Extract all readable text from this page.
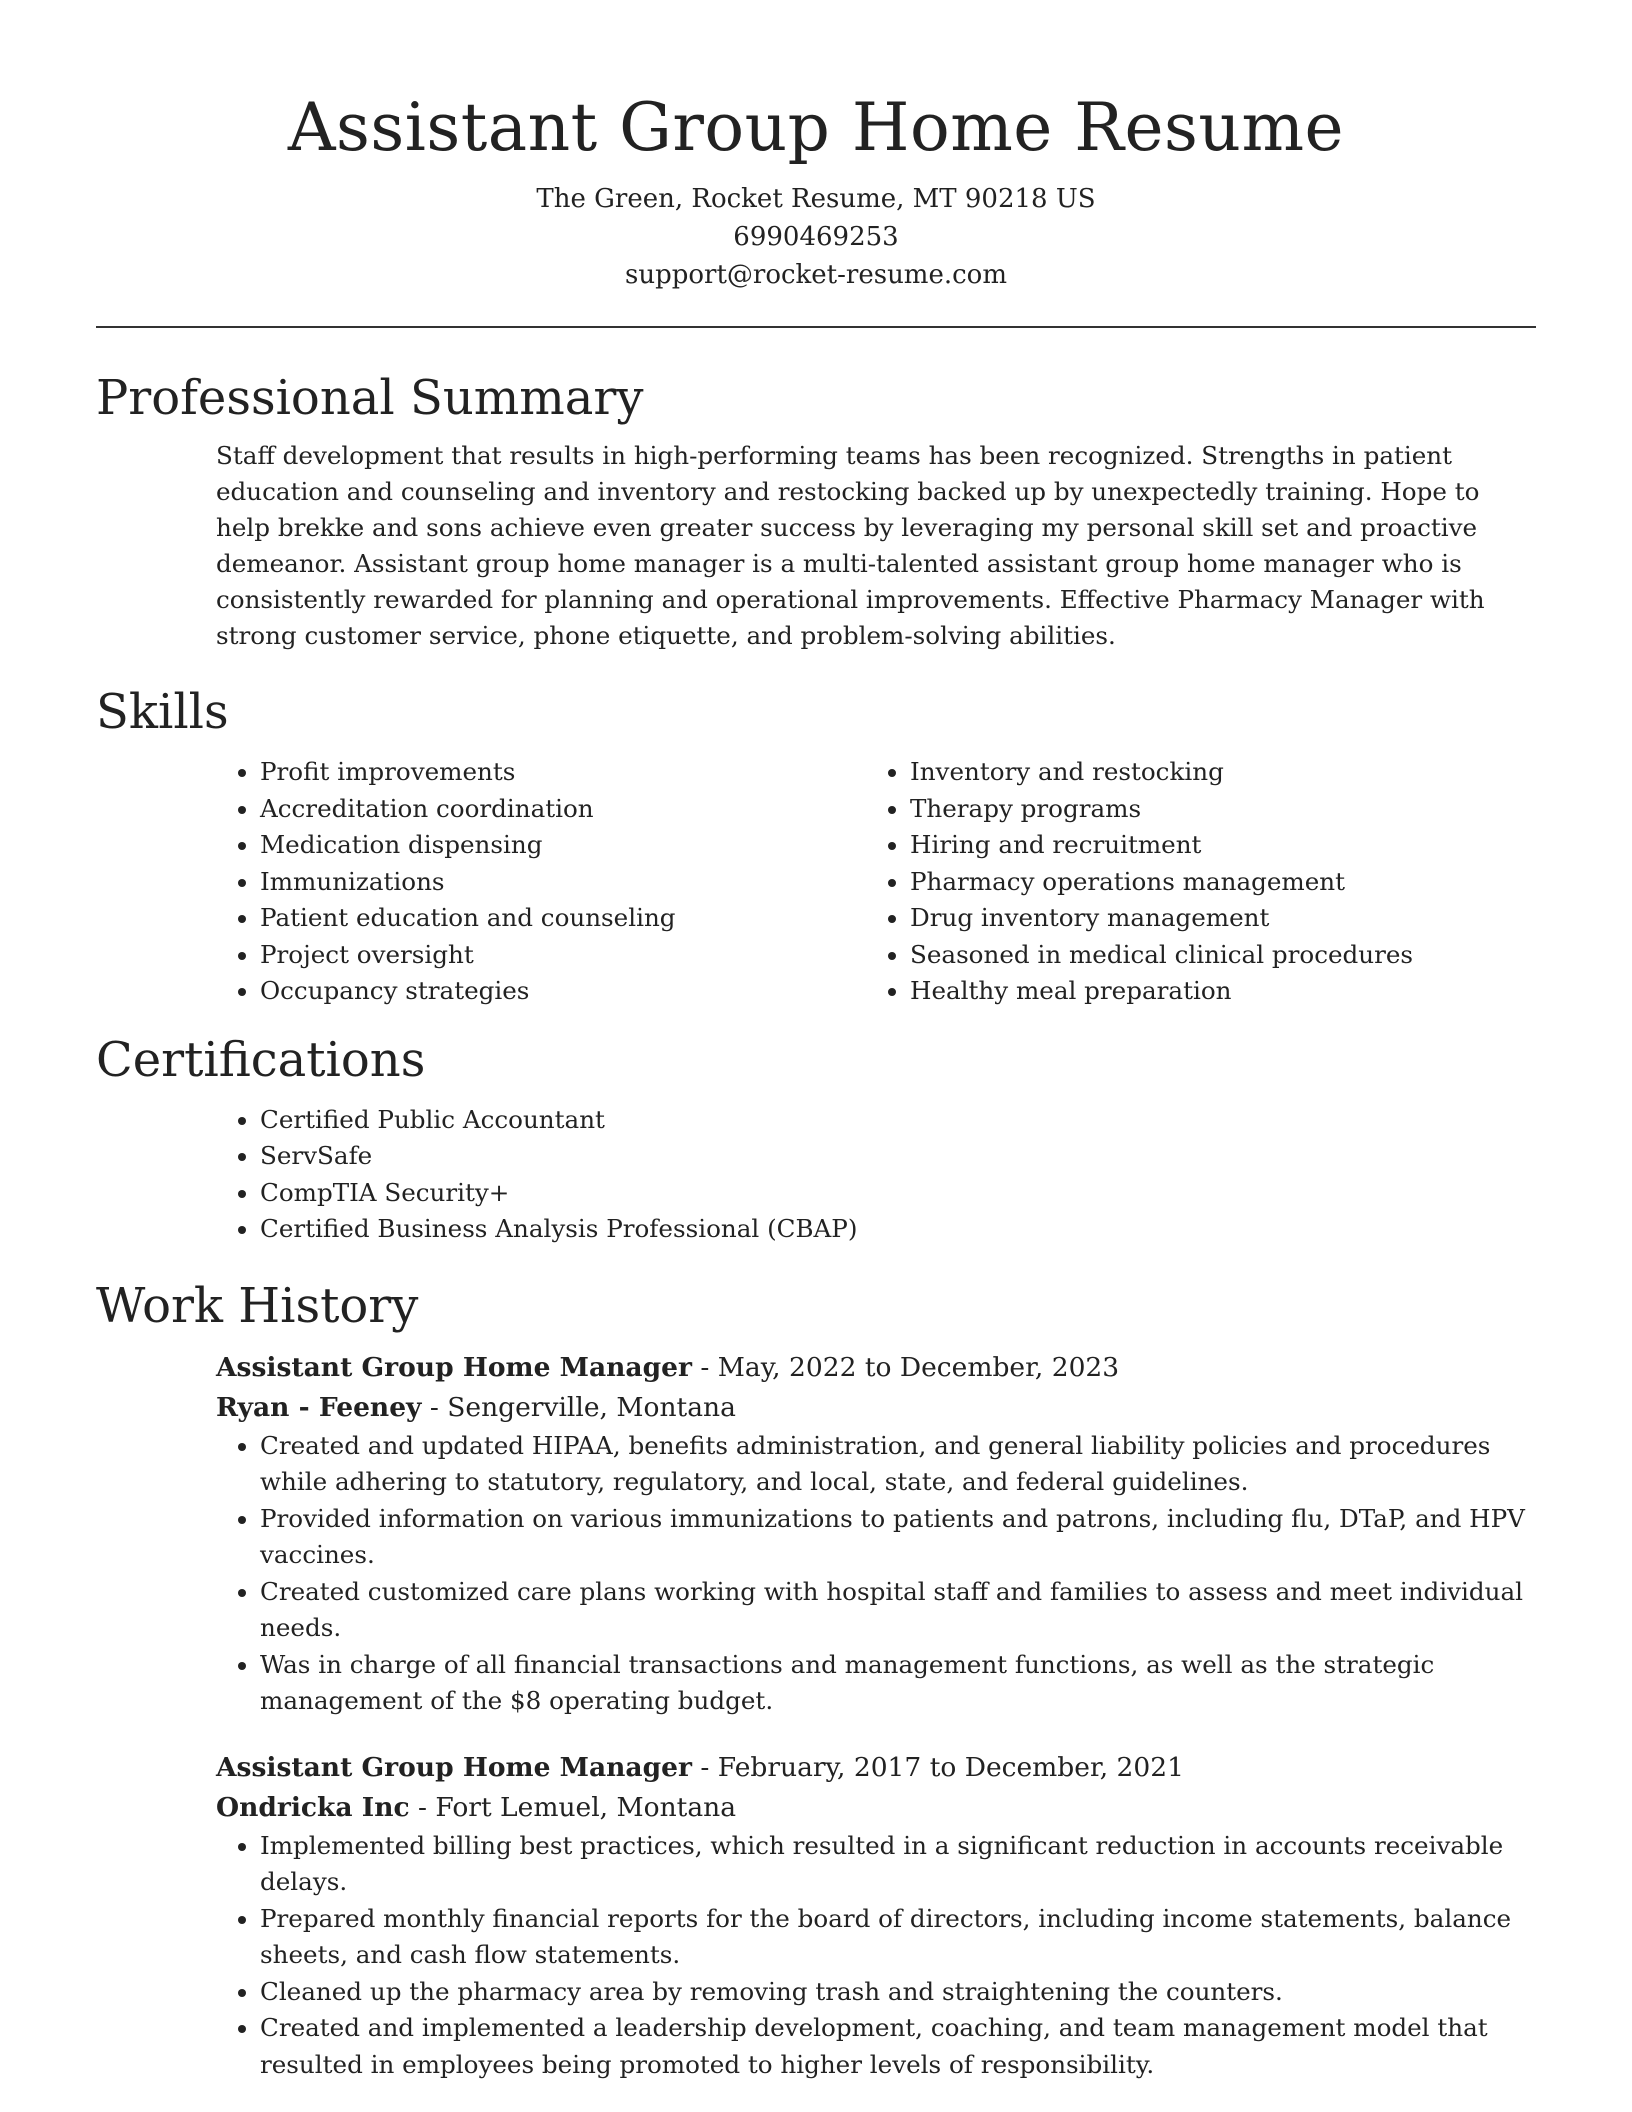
Assistant Group Home Resume

The Green, Rocket Resume, MT 90218 US

6990469253

support@rocket-resume.com

Professional Summary

Staff development that results in high-performing teams has been recognized. Strengths in patient education and counseling and inventory and restocking backed up by unexpectedly training. Hope to help brekke and sons achieve even greater success by leveraging my personal skill set and proactive demeanor. Assistant group home manager is a multi-talented assistant group home manager who is consistently rewarded for planning and operational improvements. Effective Pharmacy Manager with strong customer service, phone etiquette, and problem-solving abilities.

Skills
• Profit improvements
• Accreditation coordination
• Medication dispensing
• Immunizations
• Patient education and counseling
• Project oversight
• Occupancy strategies
• Inventory and restocking
• Therapy programs
• Hiring and recruitment
• Pharmacy operations management
• Drug inventory management
• Seasoned in medical clinical procedures
• Healthy meal preparation
Certifications
• Certified Public Accountant
• ServSafe
• CompTIA Security+
• Certified Business Analysis Professional (CBAP)
Work History

Assistant Group Home Manager - May, 2022 to December, 2023

Ryan - Feeney - Sengerville, Montana

• Created and updated HIPAA, benefits administration, and general liability policies and procedures while adhering to statutory, regulatory, and local, state, and federal guidelines.
• Provided information on various immunizations to patients and patrons, including flu, DTaP, and HPV vaccines.
• Created customized care plans working with hospital staff and families to assess and meet individual needs.
• Was in charge of all financial transactions and management functions, as well as the strategic management of the $8 operating budget.

Assistant Group Home Manager - February, 2017 to December, 2021

Ondricka Inc - Fort Lemuel, Montana

• Implemented billing best practices, which resulted in a significant reduction in accounts receivable delays.
• Prepared monthly financial reports for the board of directors, including income statements, balance sheets, and cash flow statements.
• Cleaned up the pharmacy area by removing trash and straightening the counters.
• Created and implemented a leadership development, coaching, and team management model that resulted in employees being promoted to higher levels of responsibility.
